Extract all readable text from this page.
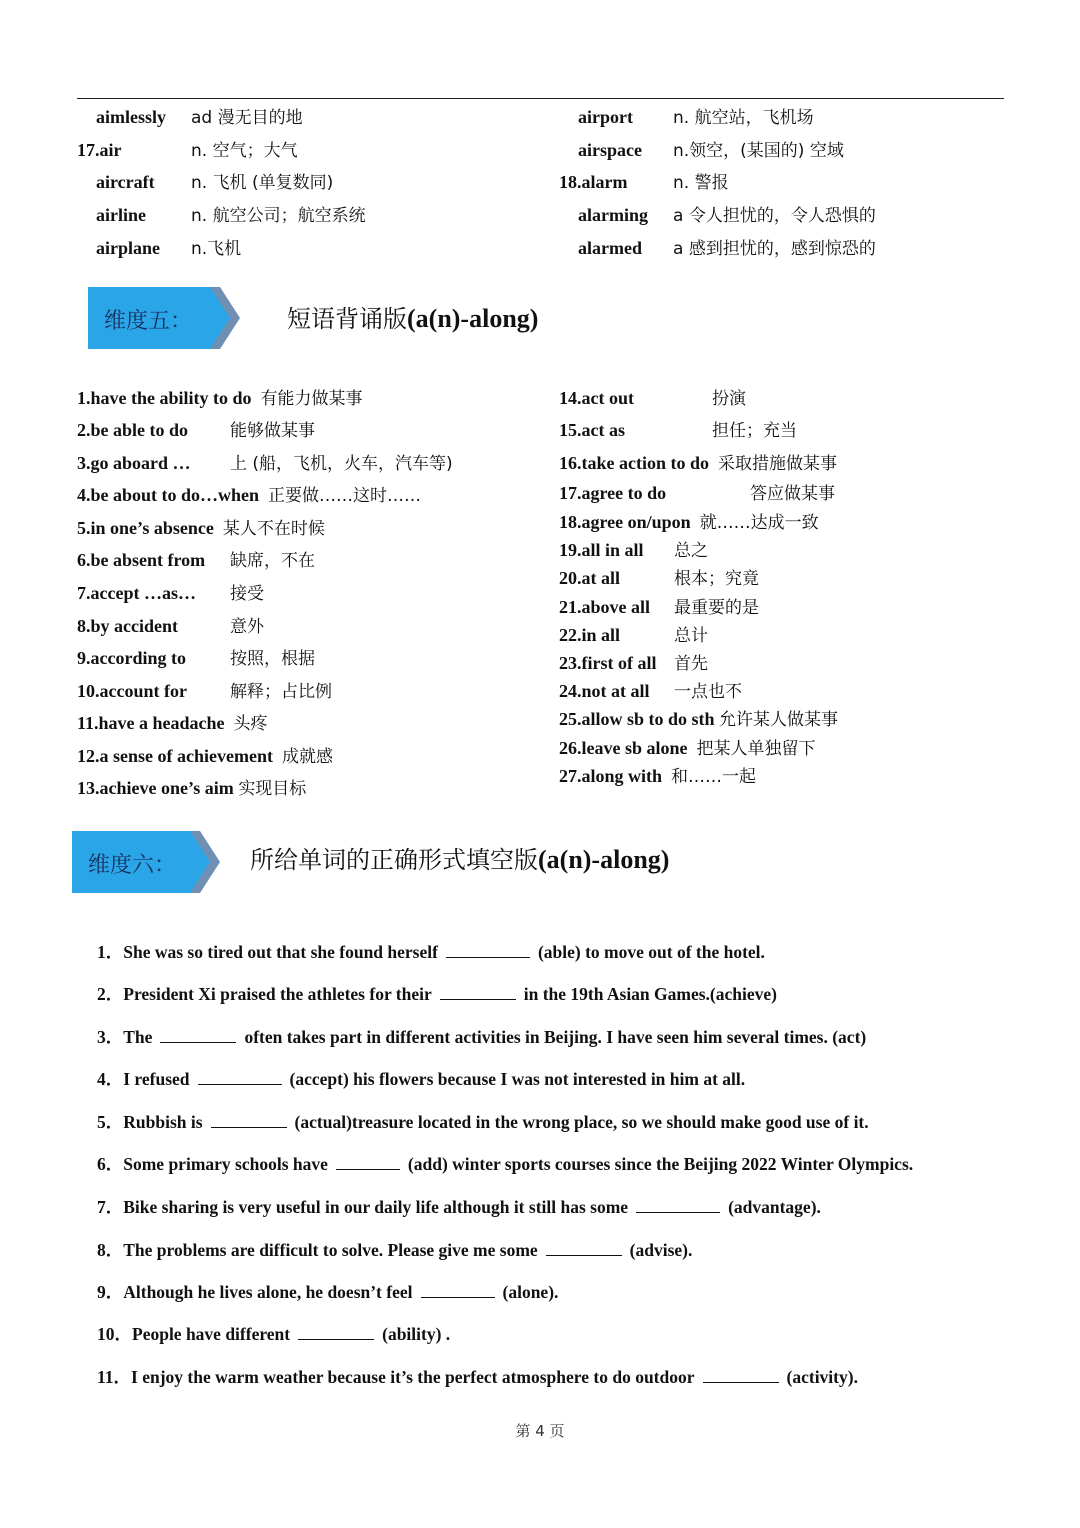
aimlessly ad 漫无目的地
17.air	n. 空气；大气
aircraft n. 飞机 (单复数同)
airline	n. 航空公司；航空系统
airplane n.飞机
airport n. 航空站，飞机场
airspace n.领空，(某国的) 空域
18.alarm	n. 警报
alarming a 令人担忧的，令人恐惧的
alarmed a 感到担忧的，感到惊恐的
维度五：	短语背诵版(a(n)-along)
1.have the ability to do 有能力做某事
2.be able to do 能够做某事
3.go aboard … 上 (船，飞机，火车，汽车等)
4.be about to do…when 正要做……这时……
5.in one’s absence 某人不在时候
6.be absent from 缺席，不在
7.accept …as… 接受
8.by accident	意外
9.according to	按照，根据
10.account for	解释；占比例
11.have a headache 头疼
12.a sense of achievement 成就感
13.achieve one’s aim 实现目标
14.act out	扮演
15.act as	担任；充当
16.take action to do 采取措施做某事
17.agree to do	答应做某事
18.agree on/upon 就……达成一致
19.all in all 总之
20.at all	根本；究竟
21.above all 最重要的是
22.in all	总计
23.first of all 首先
24.not at all 一点也不
25.allow sb to do sth 允许某人做某事
26.leave sb alone 把某人单独留下
27.along with 和……一起
维度六：	所给单词的正确形式填空版(a(n)-along)
1．She was so tired out that she found herself	(able) to move out of the hotel.
2．President Xi praised the athletes for their	in the 19th Asian Games.(achieve)
3．The	often takes part in different activities in Beijing. I have seen him several times. (act)
4．I refused	(accept) his flowers because I was not interested in him at all.
5．Rubbish is	(actual)treasure located in the wrong place, so we should make good use of it.
6．Some primary schools have	(add) winter sports courses since the Beijing 2022 Winter Olympics.
7．Bike sharing is very useful in our daily life although it still has some	(advantage).
8．The problems are difficult to solve. Please give me some	(advise).
9．Although he lives alone, he doesn’t feel	(alone).
10．People have different	(ability) .
11．I enjoy the warm weather because it’s the perfect atmosphere to do outdoor	(activity).
第 4 页
